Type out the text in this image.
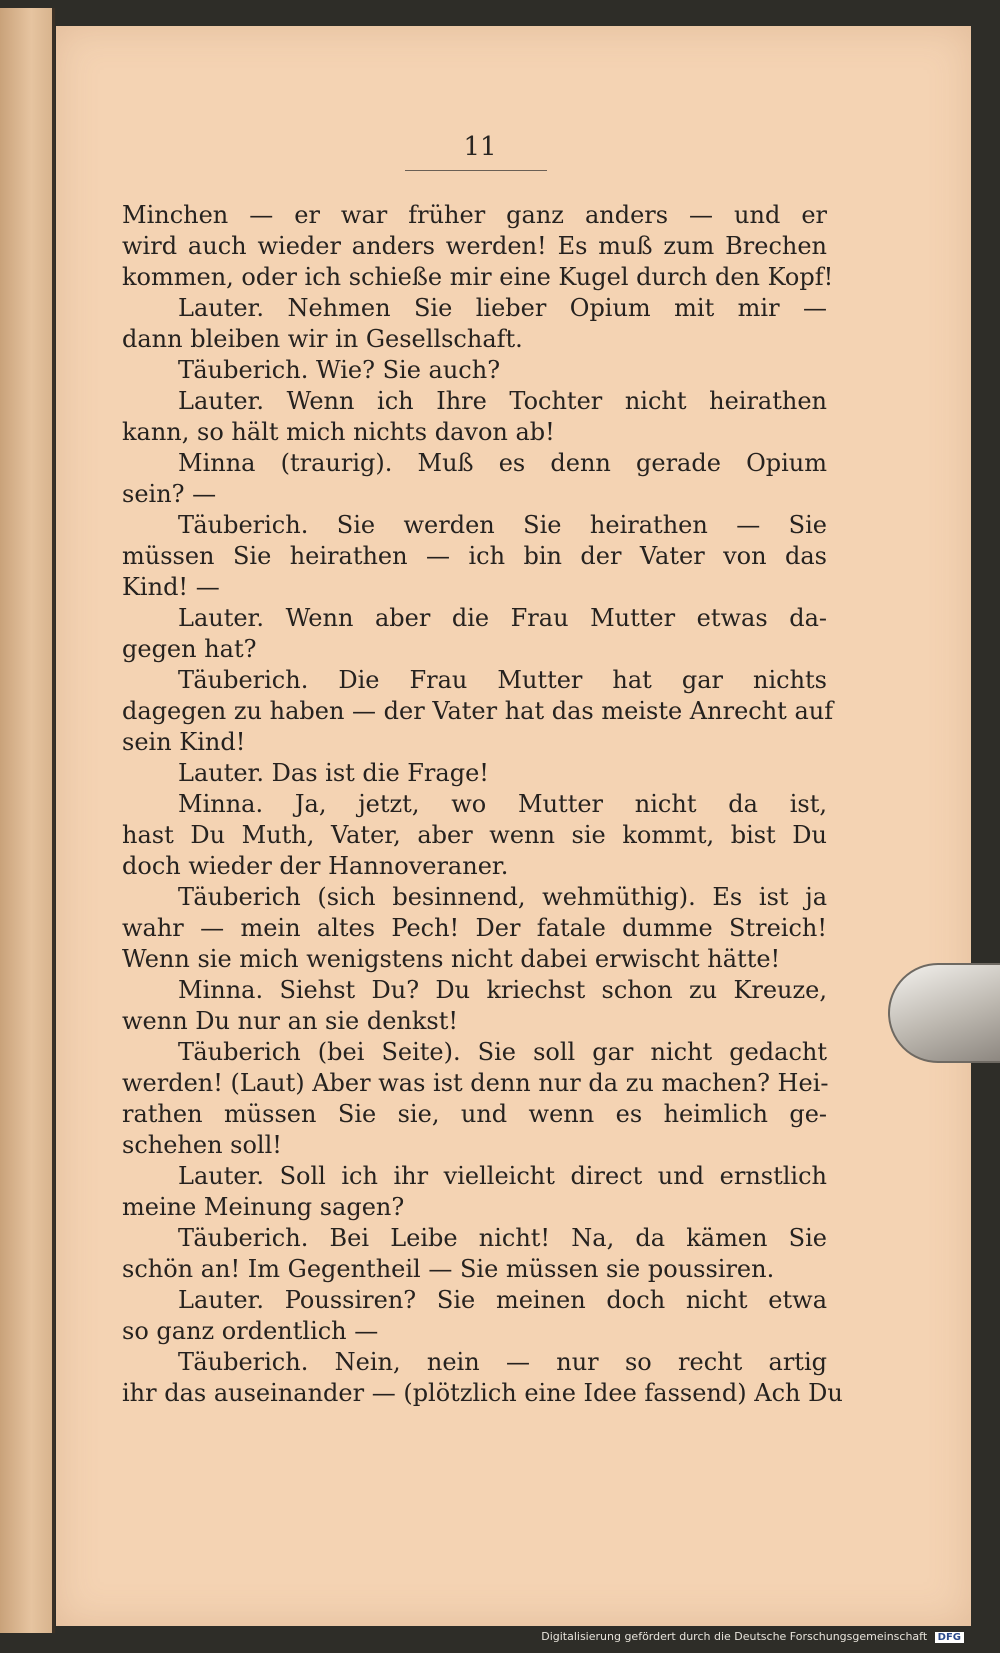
11
Minchen — er war früher ganz anders — und er
wird auch wieder anders werden! Es muß zum Brechen
kommen, oder ich schieße mir eine Kugel durch den Kopf!
Lauter. Nehmen Sie lieber Opium mit mir —
dann bleiben wir in Gesellschaft.
Täuberich. Wie? Sie auch?
Lauter. Wenn ich Ihre Tochter nicht heirathen
kann, so hält mich nichts davon ab!
Minna (traurig). Muß es denn gerade Opium
sein? —
Täuberich. Sie werden Sie heirathen — Sie
müssen Sie heirathen — ich bin der Vater von das
Kind! —
Lauter. Wenn aber die Frau Mutter etwas da-
gegen hat?
Täuberich. Die Frau Mutter hat gar nichts
dagegen zu haben — der Vater hat das meiste Anrecht auf
sein Kind!
Lauter. Das ist die Frage!
Minna. Ja, jetzt, wo Mutter nicht da ist,
hast Du Muth, Vater, aber wenn sie kommt, bist Du
doch wieder der Hannoveraner.
Täuberich (sich besinnend, wehmüthig). Es ist ja
wahr — mein altes Pech! Der fatale dumme Streich!
Wenn sie mich wenigstens nicht dabei erwischt hätte!
Minna. Siehst Du? Du kriechst schon zu Kreuze,
wenn Du nur an sie denkst!
Täuberich (bei Seite). Sie soll gar nicht gedacht
werden! (Laut) Aber was ist denn nur da zu machen? Hei-
rathen müssen Sie sie, und wenn es heimlich ge-
schehen soll!
Lauter. Soll ich ihr vielleicht direct und ernstlich
meine Meinung sagen?
Täuberich. Bei Leibe nicht! Na, da kämen Sie
schön an! Im Gegentheil — Sie müssen sie poussiren.
Lauter. Poussiren? Sie meinen doch nicht etwa
so ganz ordentlich —
Täuberich. Nein, nein — nur so recht artig
ihr das auseinander — (plötzlich eine Idee fassend) Ach Du
Digitalisierung gefördert durch die Deutsche Forschungsgemeinschaft DFG
